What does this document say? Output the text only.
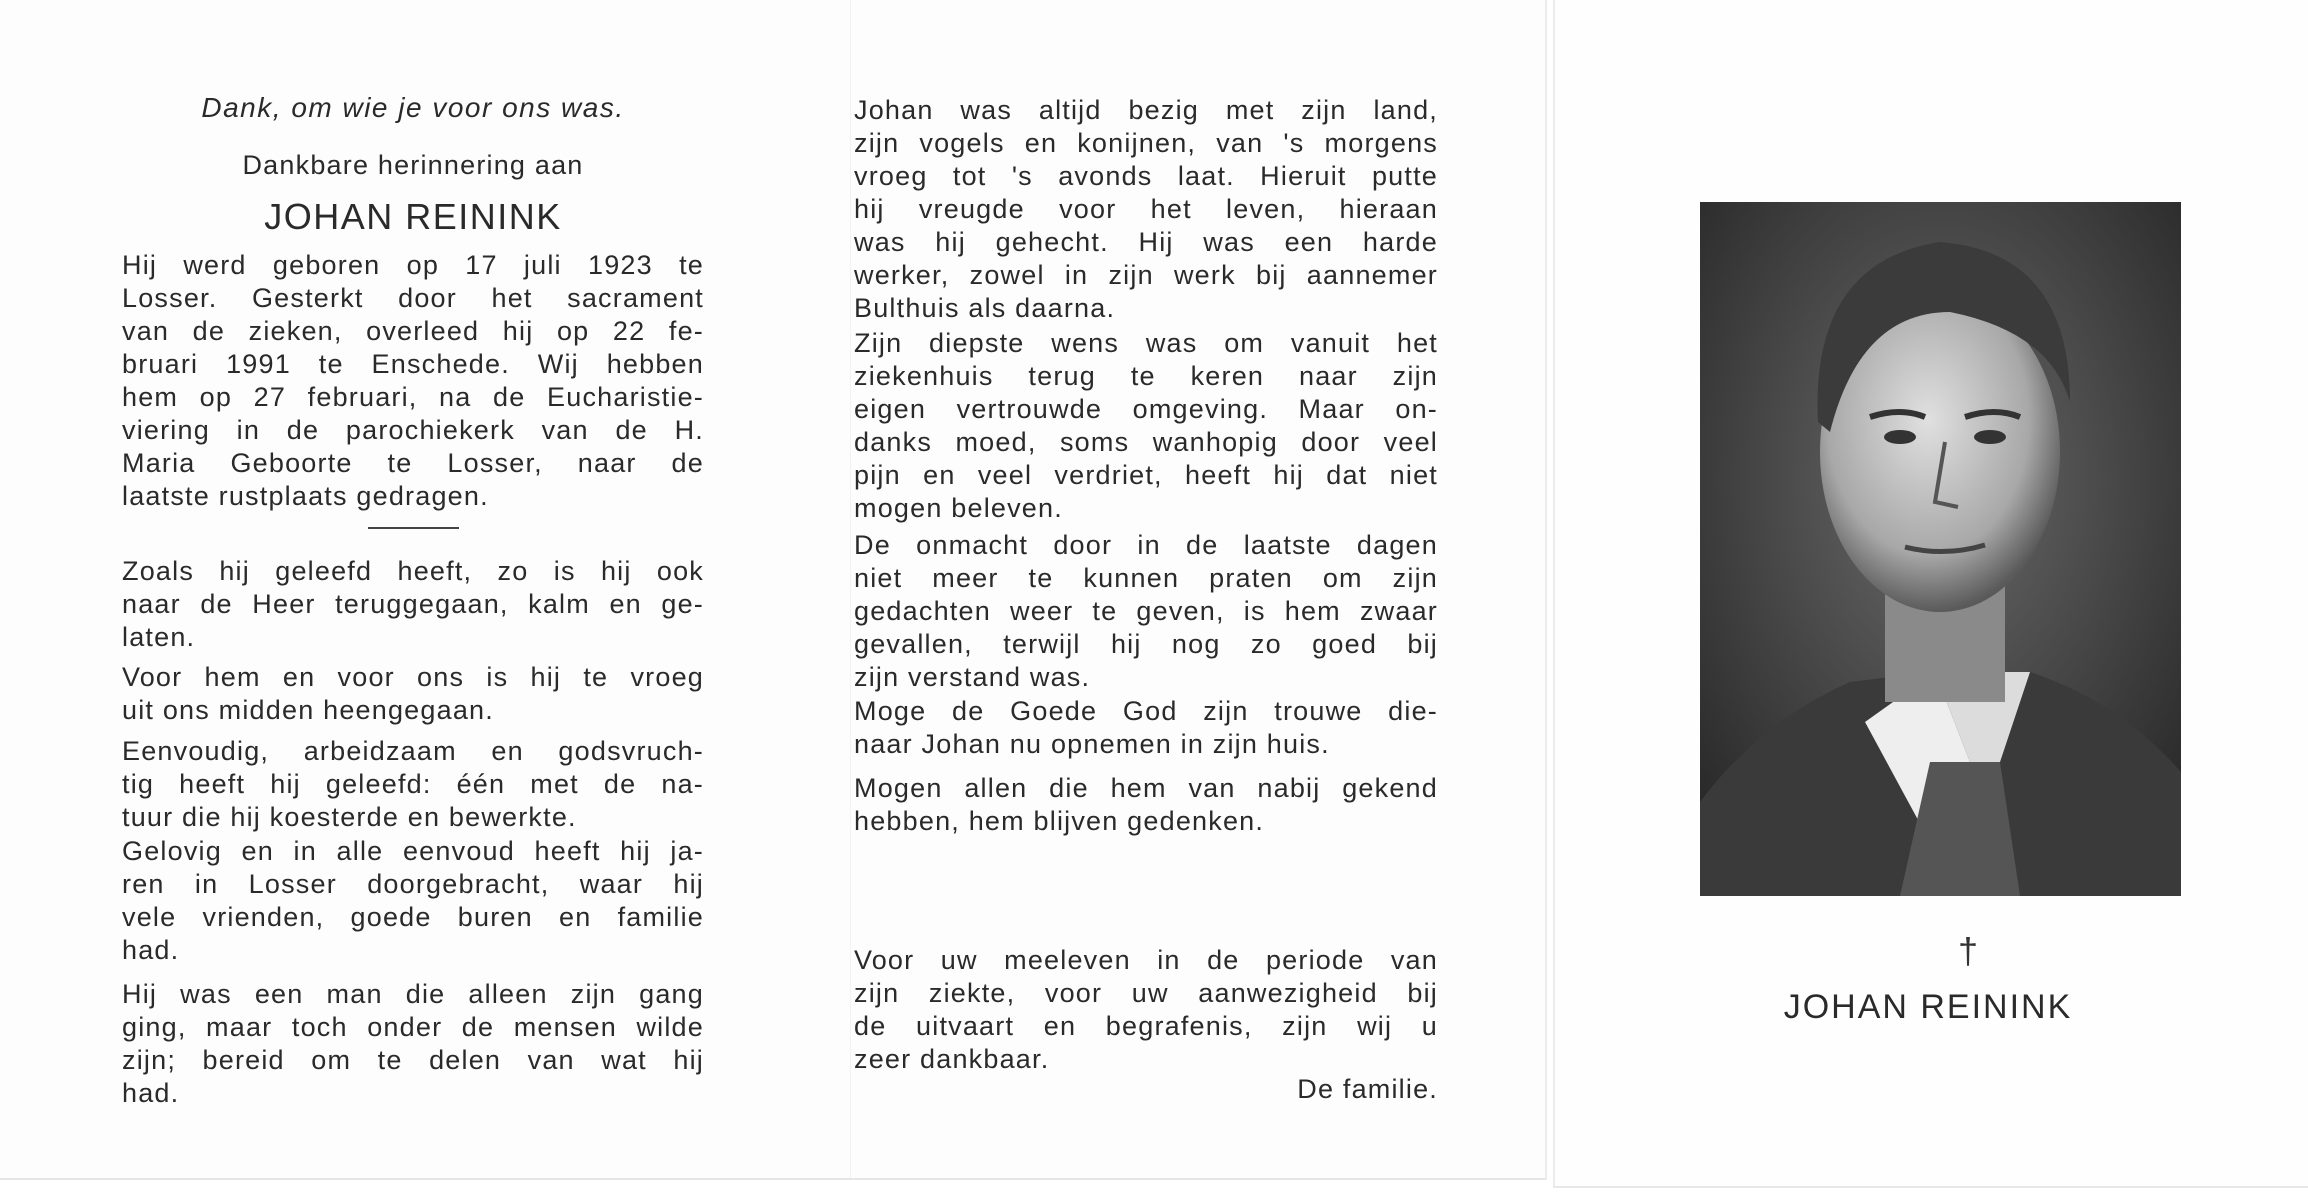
Dank, om wie je voor ons was.
Dankbare herinnering aan
JOHAN REININK
Hij werd geboren op 17 juli 1923 te
Losser. Gesterkt door het sacrament
van de zieken, overleed hij op 22 fe-
bruari 1991 te Enschede. Wij hebben
hem op 27 februari, na de Eucharistie-
viering in de parochiekerk van de H.
Maria Geboorte te Losser, naar de
laatste rustplaats gedragen.
Zoals hij geleefd heeft, zo is hij ook
naar de Heer teruggegaan, kalm en ge-
laten.
Voor hem en voor ons is hij te vroeg
uit ons midden heengegaan.
Eenvoudig, arbeidzaam en godsvruch-
tig heeft hij geleefd: één met de na-
tuur die hij koesterde en bewerkte.
Gelovig en in alle eenvoud heeft hij ja-
ren in Losser doorgebracht, waar hij
vele vrienden, goede buren en familie
had.
Hij was een man die alleen zijn gang
ging, maar toch onder de mensen wilde
zijn; bereid om te delen van wat hij
had.	De familie.
Johan was altijd bezig met zijn land,
zijn vogels en konijnen, van 's morgens
vroeg tot 's avonds laat. Hieruit putte
hij vreugde voor het leven, hieraan
was hij gehecht. Hij was een harde
werker, zowel in zijn werk bij aannemer
Bulthuis als daarna.
Zijn diepste wens was om vanuit het
ziekenhuis terug te keren naar zijn
eigen vertrouwde omgeving. Maar on-
danks moed, soms wanhopig door veel
pijn en veel verdriet, heeft hij dat niet
mogen beleven.
De onmacht door in de laatste dagen
niet meer te kunnen praten om zijn
gedachten weer te geven, is hem zwaar
gevallen, terwijl hij nog zo goed bij
zijn verstand was.
Moge de Goede God zijn trouwe die-
naar Johan nu opnemen in zijn huis.
Mogen allen die hem van nabij gekend
hebben, hem blijven gedenken.
Voor uw meeleven in de periode van
zijn ziekte, voor uw aanwezigheid bij
de uitvaart en begrafenis, zijn wij u
zeer dankbaar.
†
JOHAN REININK
